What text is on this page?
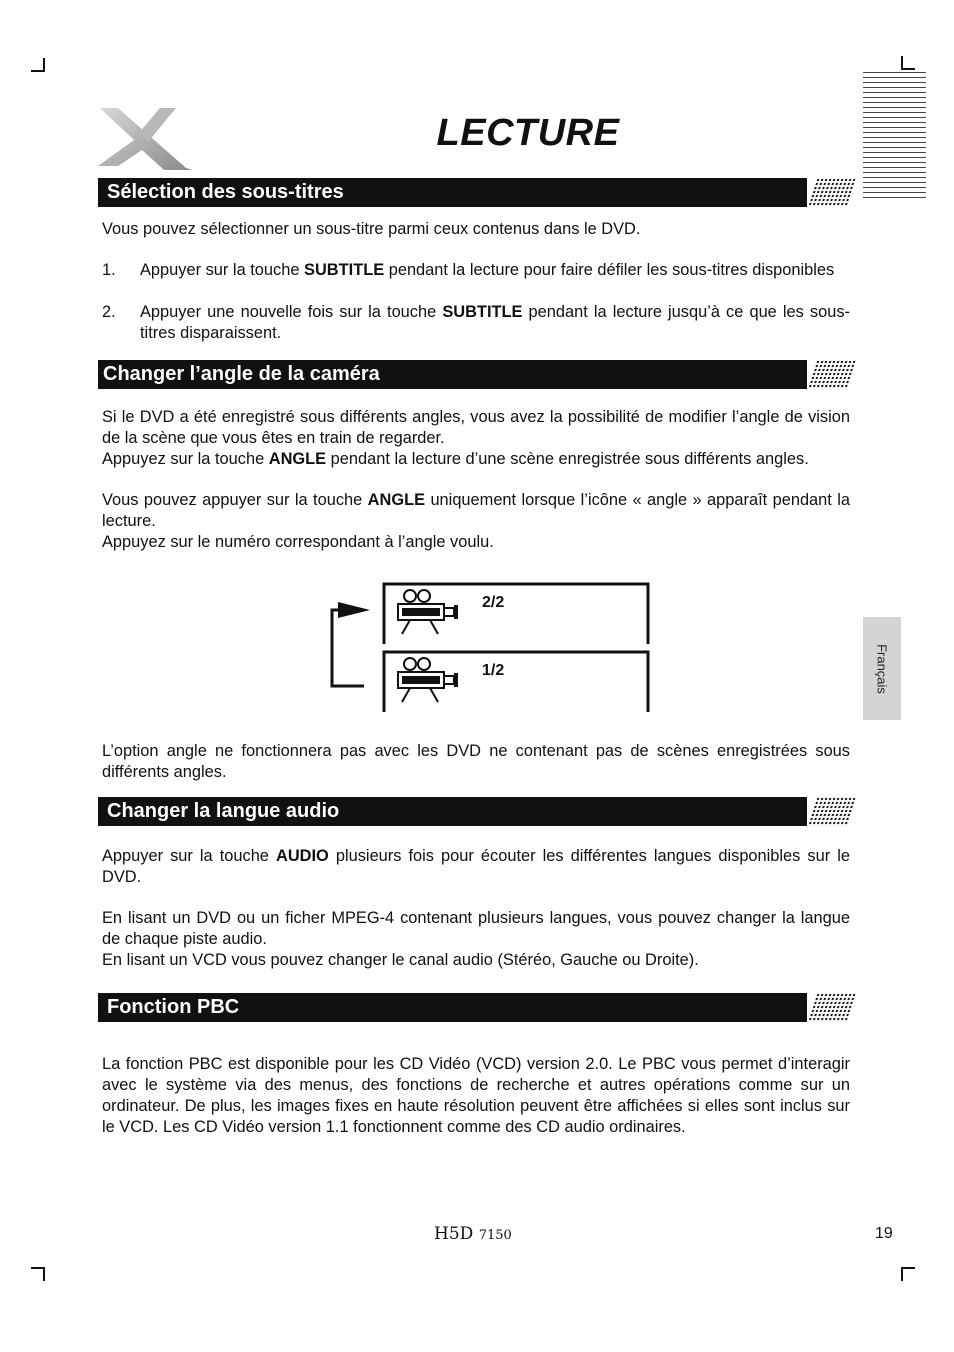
LECTURE
Sélection des sous-titres

Vous pouvez sélectionner un sous-titre parmi ceux contenus dans le DVD.

1.	Appuyer sur la touche SUBTITLE pendant la lecture pour faire défiler les sous-titres disponibles
2.	Appuyer une nouvelle fois sur la touche SUBTITLE pendant la lecture jusqu’à ce que les sous-titres disparaissent.
Changer l’angle de la caméra

Si le DVD a été enregistré sous différents angles, vous avez la possibilité de modifier l’angle de vision de la scène que vous êtes en train de regarder.

Appuyez sur la touche ANGLE pendant la lecture d’une scène enregistrée sous différents angles.

Vous pouvez appuyer sur la touche ANGLE uniquement lorsque l’icône « angle » apparaît pendant la lecture.

Appuyez sur le numéro correspondant à l’angle voulu.

2/2
1/2

L’option angle ne fonctionnera pas avec les DVD ne contenant pas de scènes enregistrées sous différents angles.

Changer la langue audio

Appuyer sur la touche AUDIO plusieurs fois pour écouter les différentes langues disponibles sur le DVD.

En lisant un DVD ou un ficher MPEG-4 contenant plusieurs langues, vous pouvez changer la langue de chaque piste audio.

En lisant un VCD vous pouvez changer le canal audio (Stéréo, Gauche ou Droite).

Fonction PBC

La fonction PBC est disponible pour les CD Vidéo (VCD) version 2.0. Le PBC vous permet d’interagir avec le système via des menus, des fonctions de recherche et autres opérations comme sur un ordinateur. De plus, les images fixes en haute résolution peuvent être affichées si elles sont inclus sur le VCD. Les CD Vidéo version 1.1 fonctionnent comme des CD audio ordinaires.

Français
H5D 7150	19
